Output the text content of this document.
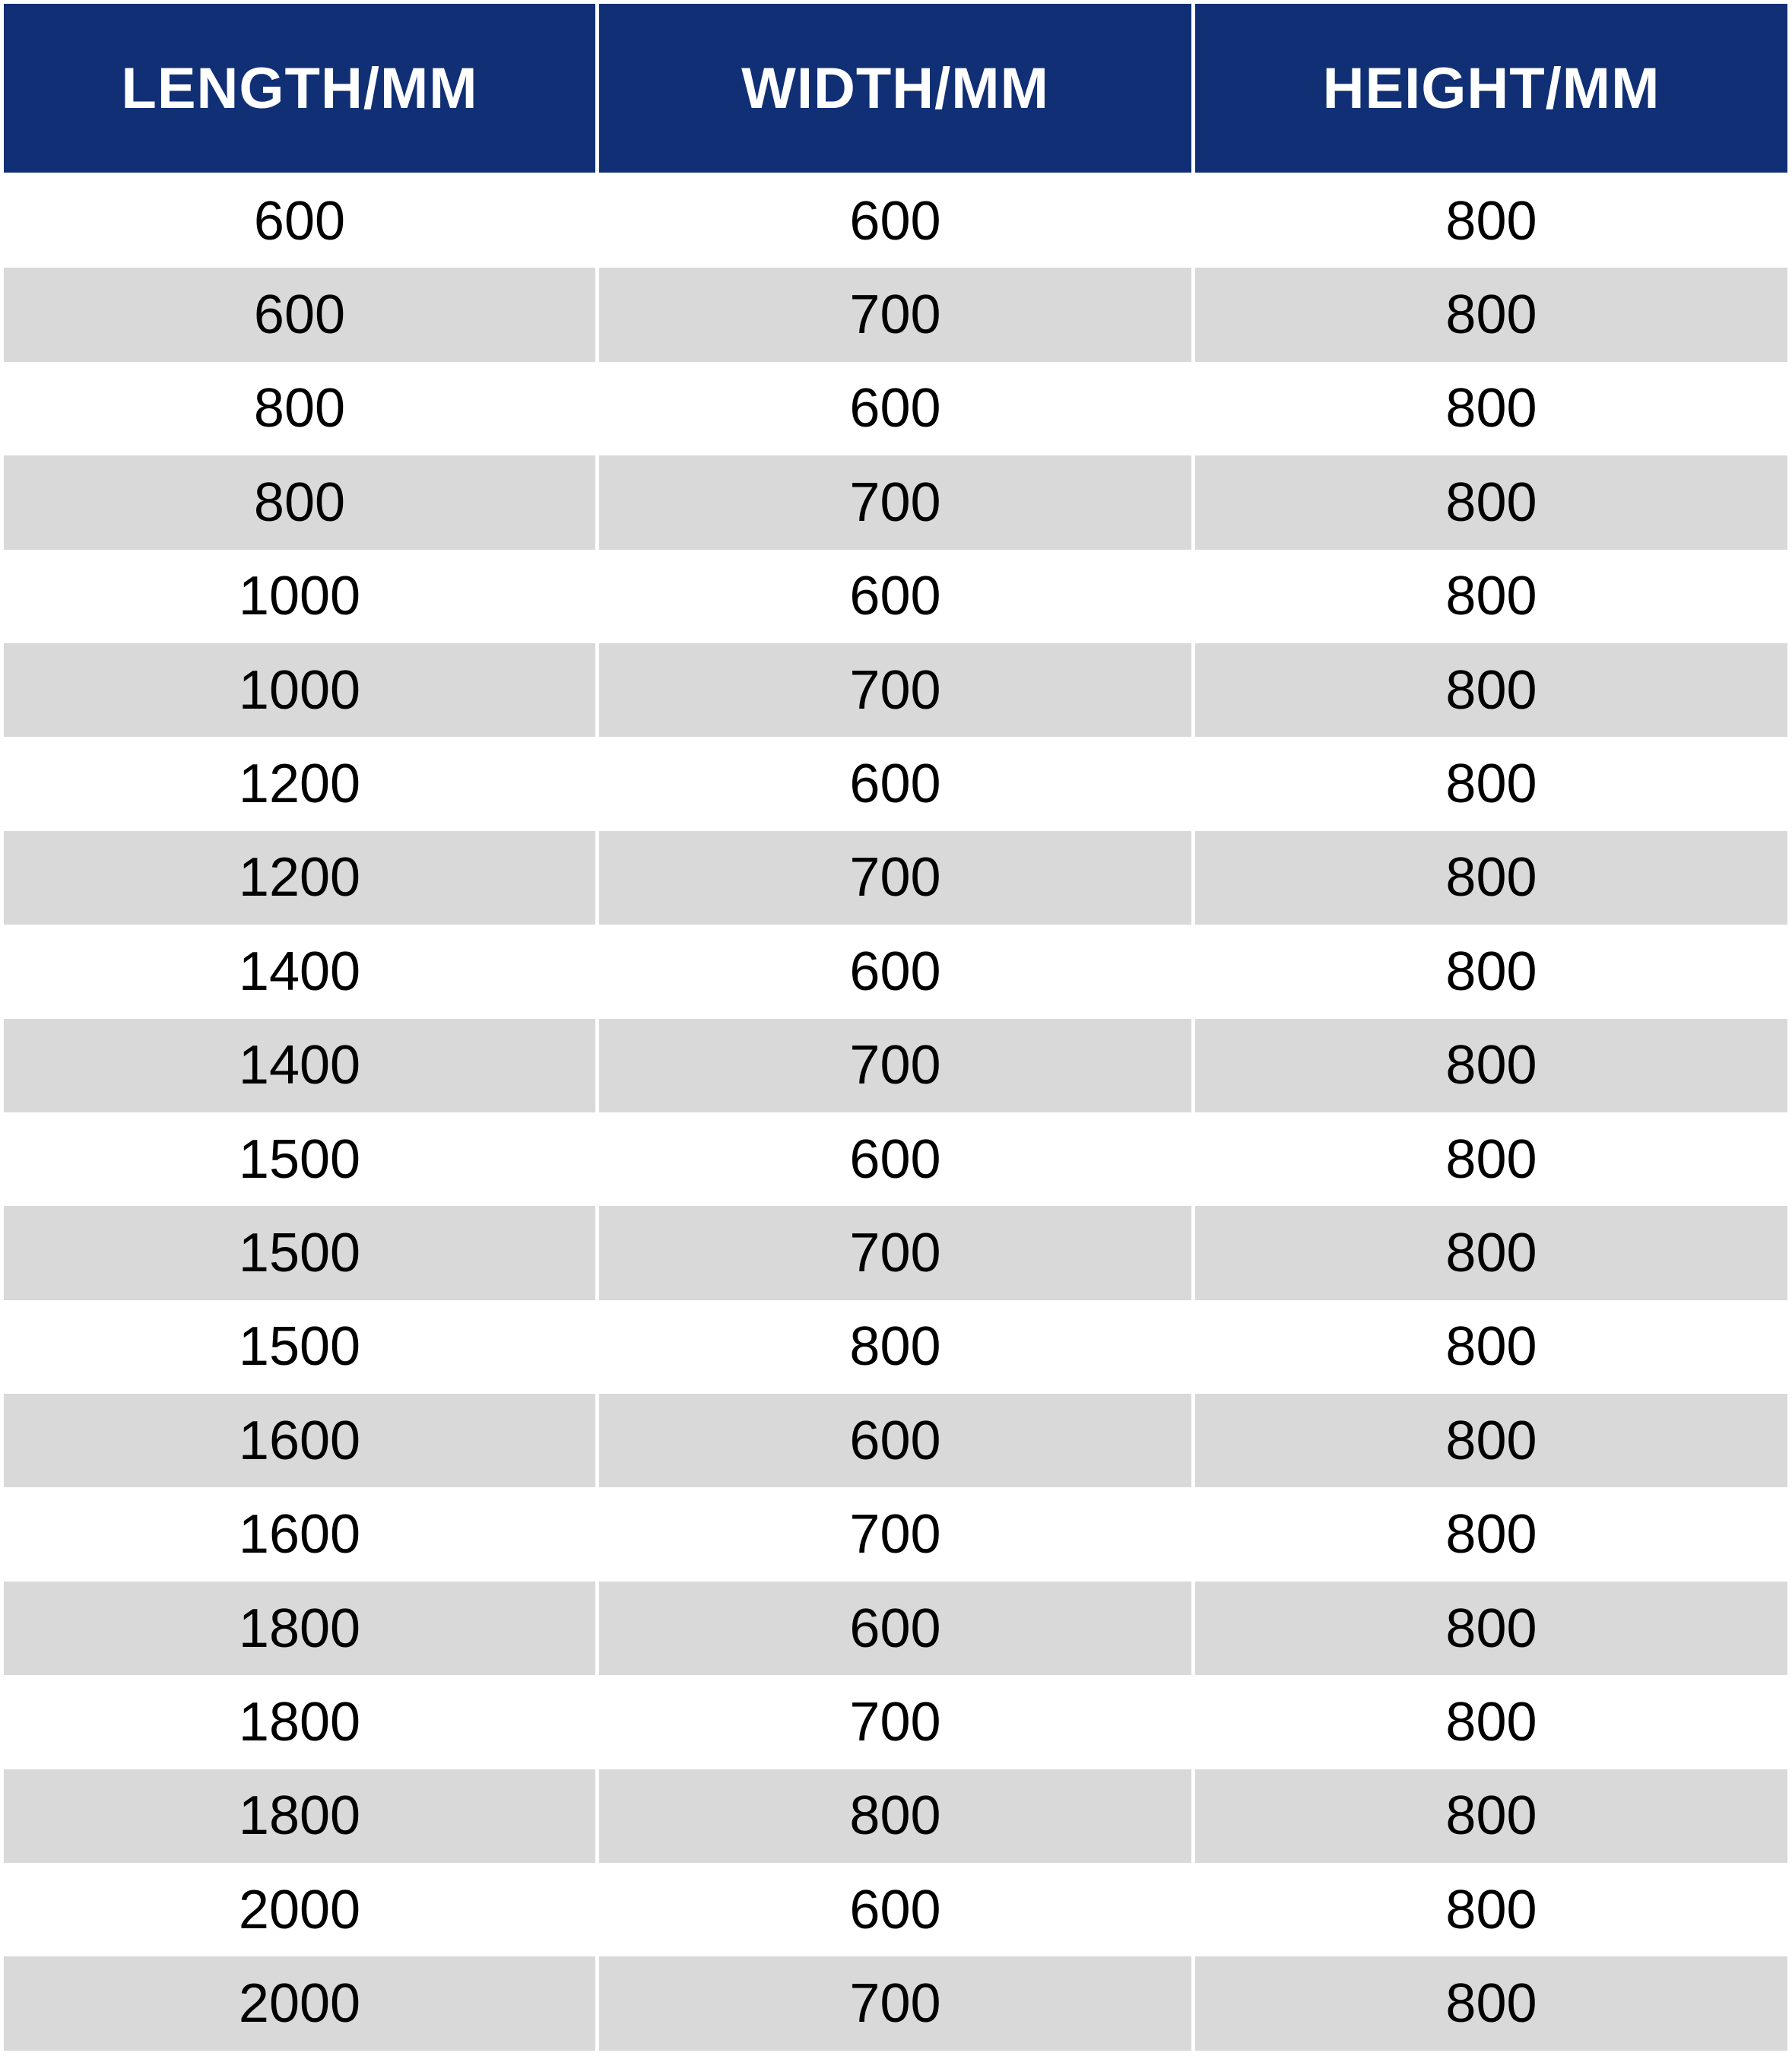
LENGTH/MM	WIDTH/MM	HEIGHT/MM
600	600	800
600	700	800
800	600	800
800	700	800
1000	600	800
1000	700	800
1200	600	800
1200	700	800
1400	600	800
1400	700	800
1500	600	800
1500	700	800
1500	800	800
1600	600	800
1600	700	800
1800	600	800
1800	700	800
1800	800	800
2000	600	800
2000	700	800
